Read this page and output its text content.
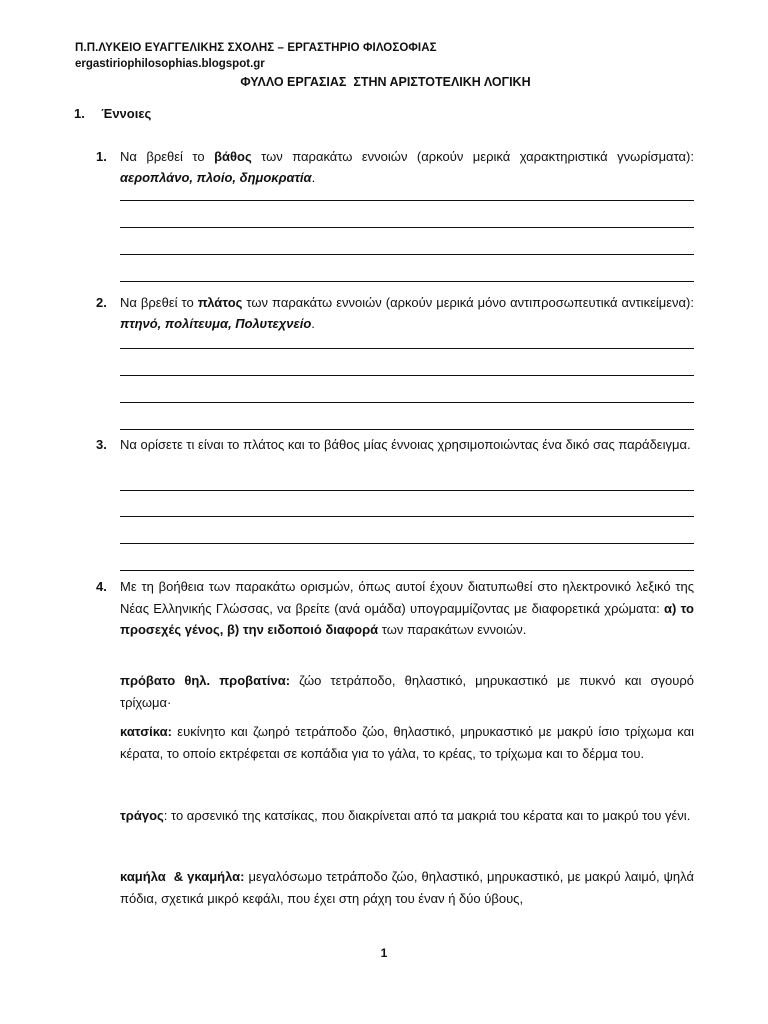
Π.Π.ΛΥΚΕΙΟ ΕΥΑΓΓΕΛΙΚΗΣ ΣΧΟΛΗΣ – ΕΡΓΑΣΤΗΡΙΟ ΦΙΛΟΣΟΦΙΑΣ
ergastiriophilosophias.blogspot.gr
ΦΥΛΛΟ ΕΡΓΑΣΙΑΣ  ΣΤΗΝ ΑΡΙΣΤΟΤΕΛΙΚΗ ΛΟΓΙΚΗ
1. Έννοιες
1. Να βρεθεί το βάθος των παρακάτω εννοιών (αρκούν μερικά χαρακτηριστικά γνωρίσματα): αεροπλάνο, πλοίο, δημοκρατία.
2. Να βρεθεί το πλάτος των παρακάτω εννοιών (αρκούν μερικά μόνο αντιπροσωπευτικά αντικείμενα): πτηνό, πολίτευμα, Πολυτεχνείο.
3. Να ορίσετε τι είναι το πλάτος και το βάθος μίας έννοιας χρησιμοποιώντας ένα δικό σας παράδειγμα.
4. Με τη βοήθεια των παρακάτω ορισμών, όπως αυτοί έχουν διατυπωθεί στο ηλεκτρονικό λεξικό της Νέας Ελληνικής Γλώσσας, να βρείτε (ανά ομάδα) υπογραμμίζοντας με διαφορετικά χρώματα: α) το προσεχές γένος, β) την ειδοποιό διαφορά των παρακάτων εννοιών.
πρόβατο θηλ. προβατίνα: ζώο τετράποδο, θηλαστικό, μηρυκαστικό με πυκνό και σγουρό τρίχωμα·
κατσίκα: ευκίνητο και ζωηρό τετράποδο ζώο, θηλαστικό, μηρυκαστικό με μακρύ ίσιο τρίχωμα και κέρατα, το οποίο εκτρέφεται σε κοπάδια για το γάλα, το κρέας, το τρίχωμα και το δέρμα του.
τράγος: το αρσενικό της κατσίκας, που διακρίνεται από τα μακριά του κέρατα και το μακρύ του γένι.
καμήλα  & γκαμήλα: μεγαλόσωμο τετράποδο ζώο, θηλαστικό, μηρυκαστικό, με μακρύ λαιμό, ψηλά πόδια, σχετικά μικρό κεφάλι, που έχει στη ράχη του έναν ή δύο ύβους,
1
